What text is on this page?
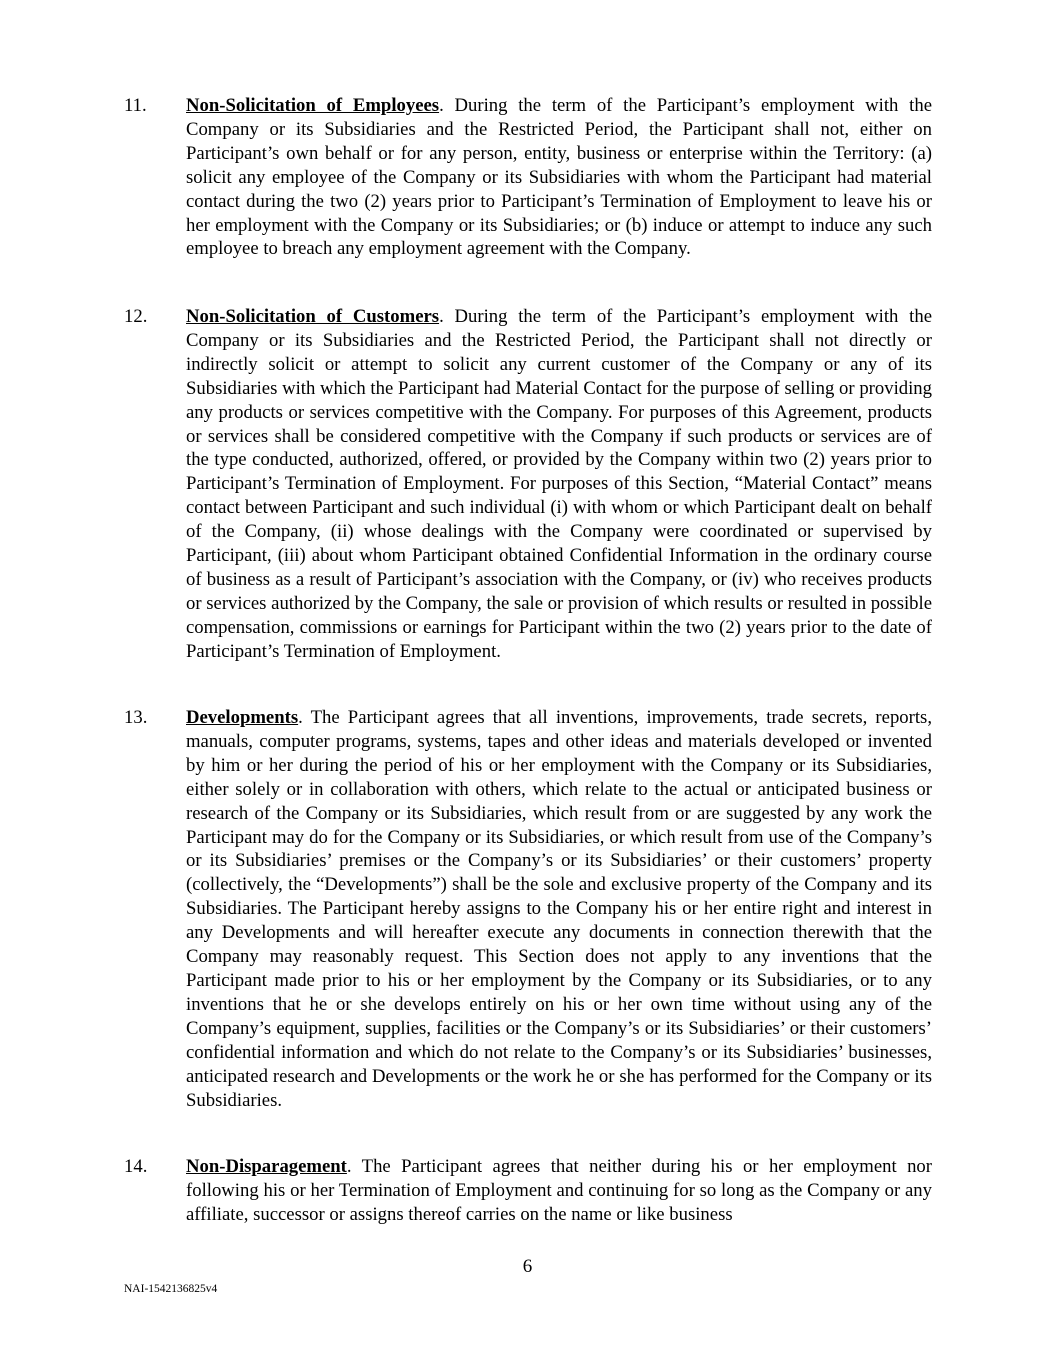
11.	Non-Solicitation of Employees. During the term of the Participant’s employment with the Company or its Subsidiaries and the Restricted Period, the Participant shall not, either on Participant’s own behalf or for any person, entity, business or enterprise within the Territory: (a) solicit any employee of the Company or its Subsidiaries with whom the Participant had material contact during the two (2) years prior to Participant’s Termination of Employment to leave his or her employment with the Company or its Subsidiaries; or (b) induce or attempt to induce any such employee to breach any employment agreement with the Company.
12.	Non-Solicitation of Customers. During the term of the Participant’s employment with the Company or its Subsidiaries and the Restricted Period, the Participant shall not directly or indirectly solicit or attempt to solicit any current customer of the Company or any of its Subsidiaries with which the Participant had Material Contact for the purpose of selling or providing any products or services competitive with the Company. For purposes of this Agreement, products or services shall be considered competitive with the Company if such products or services are of the type conducted, authorized, offered, or provided by the Company within two (2) years prior to Participant’s Termination of Employment. For purposes of this Section, “Material Contact” means contact between Participant and such individual (i) with whom or which Participant dealt on behalf of the Company, (ii) whose dealings with the Company were coordinated or supervised by Participant, (iii) about whom Participant obtained Confidential Information in the ordinary course of business as a result of Participant’s association with the Company, or (iv) who receives products or services authorized by the Company, the sale or provision of which results or resulted in possible compensation, commissions or earnings for Participant within the two (2) years prior to the date of Participant’s Termination of Employment.
13.	Developments. The Participant agrees that all inventions, improvements, trade secrets, reports, manuals, computer programs, systems, tapes and other ideas and materials developed or invented by him or her during the period of his or her employment with the Company or its Subsidiaries, either solely or in collaboration with others, which relate to the actual or anticipated business or research of the Company or its Subsidiaries, which result from or are suggested by any work the Participant may do for the Company or its Subsidiaries, or which result from use of the Company’s or its Subsidiaries’ premises or the Company’s or its Subsidiaries’ or their customers’ property (collectively, the “Developments”) shall be the sole and exclusive property of the Company and its Subsidiaries. The Participant hereby assigns to the Company his or her entire right and interest in any Developments and will hereafter execute any documents in connection therewith that the Company may reasonably request. This Section does not apply to any inventions that the Participant made prior to his or her employment by the Company or its Subsidiaries, or to any inventions that he or she develops entirely on his or her own time without using any of the Company’s equipment, supplies, facilities or the Company’s or its Subsidiaries’ or their customers’ confidential information and which do not relate to the Company’s or its Subsidiaries’ businesses, anticipated research and Developments or the work he or she has performed for the Company or its Subsidiaries.
14.	Non-Disparagement. The Participant agrees that neither during his or her employment nor following his or her Termination of Employment and continuing for so long as the Company or any affiliate, successor or assigns thereof carries on the name or like business
6
NAI-1542136825v4
